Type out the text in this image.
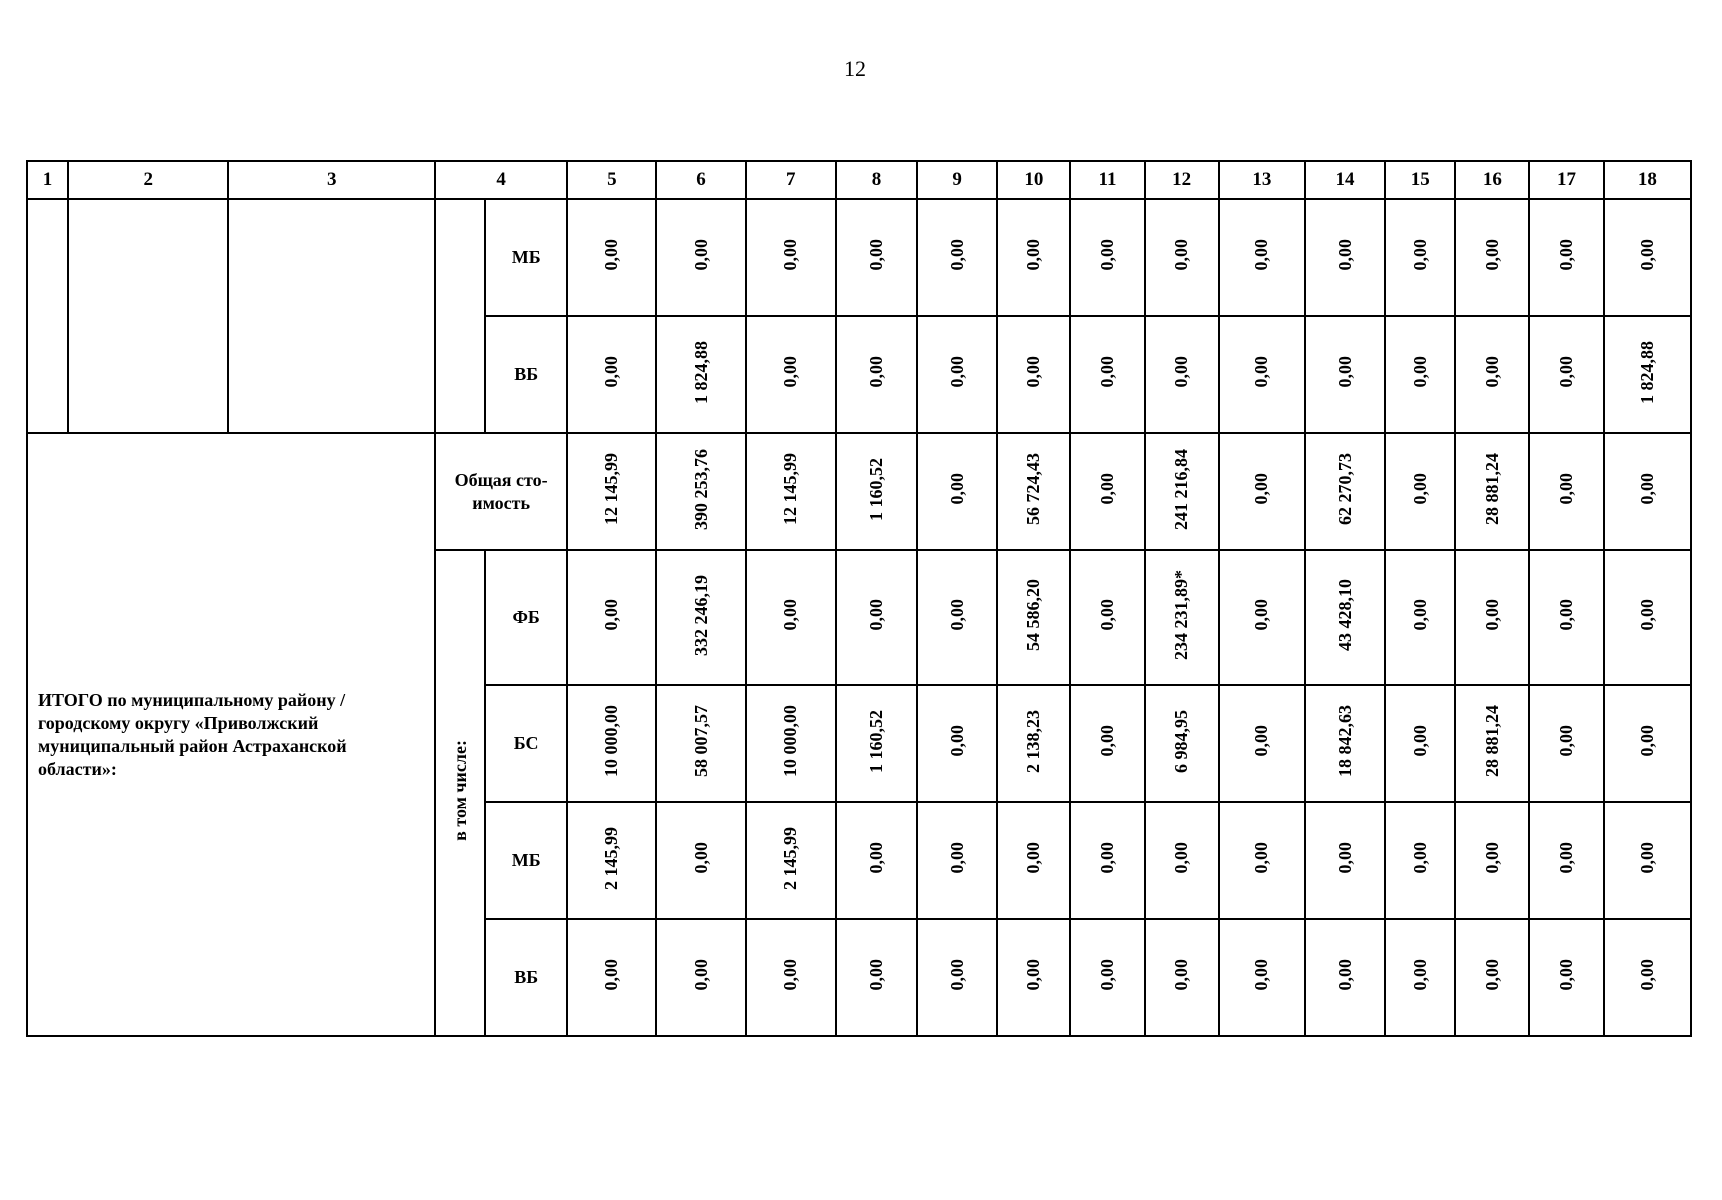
12
1	2	3	4		5	6	7	8	9	10	11	12	13	14	15	16	17	18
				МБ	0,00	0,00	0,00	0,00	0,00	0,00	0,00	0,00	0,00	0,00	0,00	0,00	0,00	0,00
				ВБ	0,00	1 824,88	0,00	0,00	0,00	0,00	0,00	0,00	0,00	0,00	0,00	0,00	0,00	1 824,88
ИТОГО по муниципальному району / городскому округу «Приволжский муниципальный район Астраханской области»:			Общая сто-имость		12 145,99	390 253,76	12 145,99	1 160,52	0,00	56 724,43	0,00	241 216,84	0,00	62 270,73	0,00	28 881,24	0,00	0,00
			в том числе:	ФБ	0,00	332 246,19	0,00	0,00	0,00	54 586,20	0,00	234 231,89*	0,00	43 428,10	0,00	0,00	0,00	0,00
				БС	10 000,00	58 007,57	10 000,00	1 160,52	0,00	2 138,23	0,00	6 984,95	0,00	18 842,63	0,00	28 881,24	0,00	0,00
				МБ	2 145,99	0,00	2 145,99	0,00	0,00	0,00	0,00	0,00	0,00	0,00	0,00	0,00	0,00	0,00
				ВБ	0,00	0,00	0,00	0,00	0,00	0,00	0,00	0,00	0,00	0,00	0,00	0,00	0,00	0,00
